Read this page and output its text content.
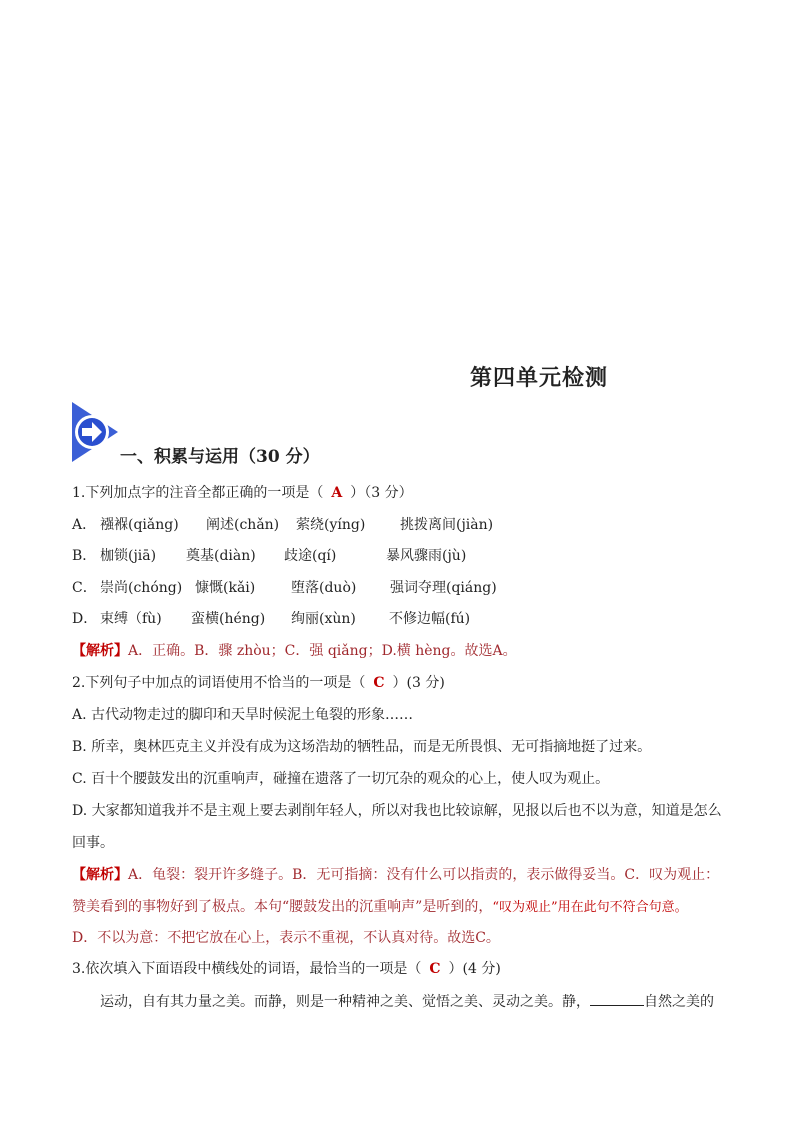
第四单元检测
一、积累与运用（30 分）
1.下列加点字的注音全都正确的一项是（ A ）（3 分）
A． 襁褓(qiǎng) 阐述(chǎn) 萦绕(yíng) 挑拨离间(jiàn)
B． 枷锁(jiā) 奠基(diàn) 歧途(qí)	暴风骤雨(jù)
C． 崇尚(chóng) 慷慨(kǎi)	堕落(duò) 强词夺理(qiáng)
D． 束缚（fù) 蛮横(héng) 绚丽(xùn) 不修边幅(fú)
【解析】A．正确。B．骤 zhòu；C．强 qiǎng；D.横 hèng。故选A。
2.下列句子中加点的词语使用不恰当的一项是（ C ）(3 分)
A. 古代动物走过的脚印和天旱时候泥土龟裂的形象……
B. 所幸，奥林匹克主义并没有成为这场浩劫的牺牲品，而是无所畏惧、无可指摘地挺了过来。
C. 百十个腰鼓发出的沉重响声，碰撞在遗落了一切冗杂的观众的心上，使人叹为观止。
D. 大家都知道我并不是主观上要去剥削年轻人，所以对我也比较谅解，见报以后也不以为意，知道是怎么
回事。
【解析】A．龟裂：裂开许多缝子。B．无可指摘：没有什么可以指责的，表示做得妥当。C．叹为观止：
赞美看到的事物好到了极点。本句“腰鼓发出的沉重响声”是听到的，“叹为观止”用在此句不符合句意。
D．不以为意：不把它放在心上，表示不重视，不认真对待。故选C。
3.依次填入下面语段中横线处的词语，最恰当的一项是（ C ）(4 分)
运动，自有其力量之美。而静，则是一种精神之美、觉悟之美、灵动之美。静，	自然之美的
